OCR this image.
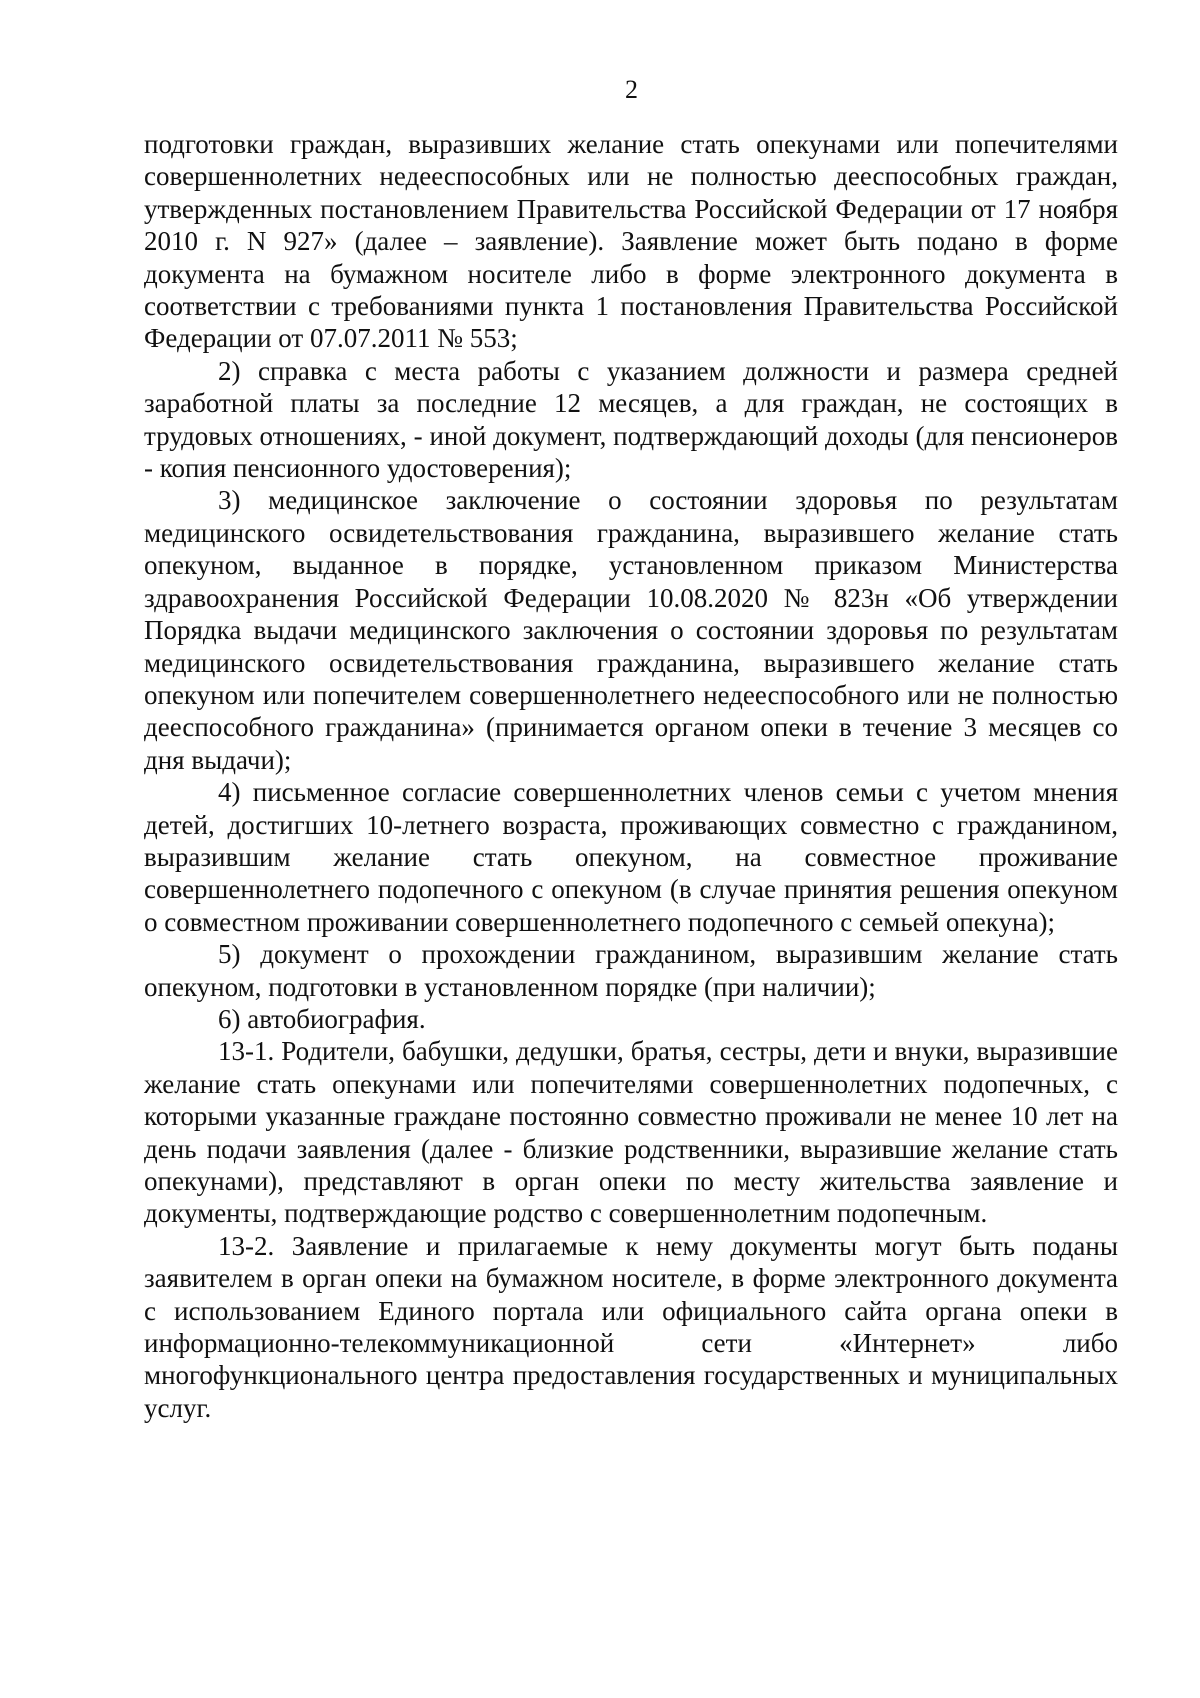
2

подготовки граждан, выразивших желание стать опекунами или попечителями совершеннолетних недееспособных или не полностью дееспособных граждан, утвержденных постановлением Правительства Российской Федерации от 17 ноября 2010 г. N 927» (далее – заявление). Заявление может быть подано в форме документа на бумажном носителе либо в форме электронного документа в соответствии с требованиями пункта 1 постановления Правительства Российской Федерации от 07.07.2011 № 553;

2) справка с места работы с указанием должности и размера средней заработной платы за последние 12 месяцев, а для граждан, не состоящих в трудовых отношениях, - иной документ, подтверждающий доходы (для пенсионеров - копия пенсионного удостоверения);

3) медицинское заключение о состоянии здоровья по результатам медицинского освидетельствования гражданина, выразившего желание стать опекуном, выданное в порядке, установленном приказом Министерства здравоохранения Российской Федерации 10.08.2020 № 823н «Об утверждении Порядка выдачи медицинского заключения о состоянии здоровья по результатам медицинского освидетельствования гражданина, выразившего желание стать опекуном или попечителем совершеннолетнего недееспособного или не полностью дееспособного гражданина» (принимается органом опеки в течение 3 месяцев со дня выдачи);

4) письменное согласие совершеннолетних членов семьи с учетом мнения детей, достигших 10-летнего возраста, проживающих совместно с гражданином, выразившим желание стать опекуном, на совместное проживание совершеннолетнего подопечного с опекуном (в случае принятия решения опекуном о совместном проживании совершеннолетнего подопечного с семьей опекуна);

5) документ о прохождении гражданином, выразившим желание стать опекуном, подготовки в установленном порядке (при наличии);

6) автобиография.

13-1. Родители, бабушки, дедушки, братья, сестры, дети и внуки, выразившие желание стать опекунами или попечителями совершеннолетних подопечных, с которыми указанные граждане постоянно совместно проживали не менее 10 лет на день подачи заявления (далее - близкие родственники, выразившие желание стать опекунами), представляют в орган опеки по месту жительства заявление и документы, подтверждающие родство с совершеннолетним подопечным.

13-2. Заявление и прилагаемые к нему документы могут быть поданы заявителем в орган опеки на бумажном носителе, в форме электронного документа с использованием Единого портала или официального сайта органа опеки в информационно-телекоммуникационной сети «Интернет» либо многофункционального центра предоставления государственных и муниципальных услуг.
